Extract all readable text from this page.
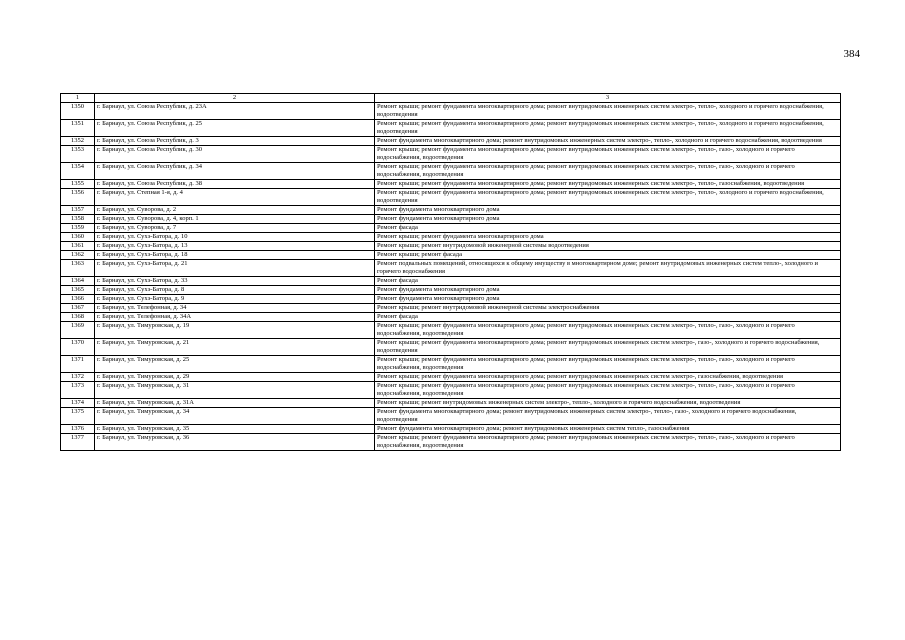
384
1	2	3
1350	г. Барнаул, ул. Союза Республик, д. 23А	Ремонт крыши; ремонт фундамента многоквартирного дома; ремонт внутридомовых инженерных систем электро-, тепло-, холодного и горячего водоснабжения, водоотведения
1351	г. Барнаул, ул. Союза Республик, д. 25	Ремонт крыши; ремонт фундамента многоквартирного дома; ремонт внутридомовых инженерных систем электро-, тепло-, холодного и горячего водоснабжения, водоотведения
1352	г. Барнаул, ул. Союза Республик, д. 3	Ремонт фундамента многоквартирного дома; ремонт внутридомовых инженерных систем электро-, тепло-, холодного и горячего водоснабжения, водоотведения
1353	г. Барнаул, ул. Союза Республик, д. 30	Ремонт крыши; ремонт фундамента многоквартирного дома; ремонт внутридомовых инженерных систем электро-, тепло-, газо-, холодного и горячего водоснабжения, водоотведения
1354	г. Барнаул, ул. Союза Республик, д. 34	Ремонт крыши; ремонт фундамента многоквартирного дома; ремонт внутридомовых инженерных систем электро-, тепло-, газо-, холодного и горячего водоснабжения, водоотведения
1355	г. Барнаул, ул. Союза Республик, д. 38	Ремонт крыши; ремонт фундамента многоквартирного дома; ремонт внутридомовых инженерных систем электро-, тепло-, газоснабжения, водоотведения
1356	г. Барнаул, ул. Степная 1-я, д. 4	Ремонт крыши; ремонт фундамента многоквартирного дома; ремонт внутридомовых инженерных систем электро-, тепло-, холодного и горячего водоснабжения, водоотведения
1357	г. Барнаул, ул. Суворова, д. 2	Ремонт фундамента многоквартирного дома
1358	г. Барнаул, ул. Суворова, д. 4, корп. 1	Ремонт фундамента многоквартирного дома
1359	г. Барнаул, ул. Суворова, д. 7	Ремонт фасада
1360	г. Барнаул, ул. Сухэ-Батора, д. 10	Ремонт крыши; ремонт фундамента многоквартирного дома
1361	г. Барнаул, ул. Сухэ-Батора, д. 13	Ремонт крыши; ремонт внутридомовой инженерной системы водоотведения
1362	г. Барнаул, ул. Сухэ-Батора, д. 18	Ремонт крыши; ремонт фасада
1363	г. Барнаул, ул. Сухэ-Батора, д. 21	Ремонт подвальных помещений, относящихся к общему имуществу в многоквартирном доме; ремонт внутридомовых инженерных систем тепло-, холодного и горячего водоснабжения
1364	г. Барнаул, ул. Сухэ-Батора, д. 33	Ремонт фасада
1365	г. Барнаул, ул. Сухэ-Батора, д. 8	Ремонт фундамента многоквартирного дома
1366	г. Барнаул, ул. Сухэ-Батора, д. 9	Ремонт фундамента многоквартирного дома
1367	г. Барнаул, ул. Телефонная, д. 34	Ремонт крыши; ремонт внутридомовой инженерной системы электроснабжения
1368	г. Барнаул, ул. Телефонная, д. 34А	Ремонт фасада
1369	г. Барнаул, ул. Тимуровская, д. 19	Ремонт крыши; ремонт фундамента многоквартирного дома; ремонт внутридомовых инженерных систем электро-, тепло-, газо-, холодного и горячего водоснабжения, водоотведения
1370	г. Барнаул, ул. Тимуровская, д. 21	Ремонт крыши; ремонт фундамента многоквартирного дома; ремонт внутридомовых инженерных систем электро-, газо-, холодного и горячего водоснабжения, водоотведения
1371	г. Барнаул, ул. Тимуровская, д. 25	Ремонт крыши; ремонт фундамента многоквартирного дома; ремонт внутридомовых инженерных систем электро-, тепло-, газо-, холодного и горячего водоснабжения, водоотведения
1372	г. Барнаул, ул. Тимуровская, д. 29	Ремонт крыши; ремонт фундамента многоквартирного дома; ремонт внутридомовых инженерных систем электро-, газоснабжения, водоотведения
1373	г. Барнаул, ул. Тимуровская, д. 31	Ремонт крыши; ремонт фундамента многоквартирного дома; ремонт внутридомовых инженерных систем электро-, тепло-, газо-, холодного и горячего водоснабжения, водоотведения
1374	г. Барнаул, ул. Тимуровская, д. 31А	Ремонт крыши; ремонт внутридомовых инженерных систем электро-, тепло-, холодного и горячего водоснабжения, водоотведения
1375	г. Барнаул, ул. Тимуровская, д. 34	Ремонт фундамента многоквартирного дома; ремонт внутридомовых инженерных систем электро-, тепло-, газо-, холодного и горячего водоснабжения, водоотведения
1376	г. Барнаул, ул. Тимуровская, д. 35	Ремонт фундамента многоквартирного дома; ремонт внутридомовых инженерных систем тепло-, газоснабжения
1377	г. Барнаул, ул. Тимуровская, д. 36	Ремонт крыши; ремонт фундамента многоквартирного дома; ремонт внутридомовых инженерных систем электро-, тепло-, газо-, холодного и горячего водоснабжения, водоотведения
